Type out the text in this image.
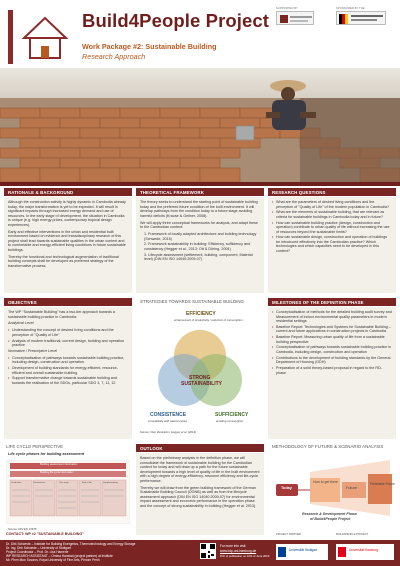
Build4People Project
Work Package #2: Sustainable Building
Research Approach
SUPPORTED BY	SPONSORED BY THE
RATIONALE & BACKGROUND

Although the construction activity is highly dynamic in Cambodia already today, the major transformation is yet to be expected. It will result in significant impacts through increased energy demand and use of resources. In the early stage of development, the situation in Cambodia is unique (e.g. high energy prices, contemporary tropical design experiences).

Early and effective interventions in the urban and residential built environment based on evidence and transdisciplinary research of this project shall lead towards sustainable qualities in the urban context and to comfortable and energy-efficient living conditions in future sustainable buildings.

Thereby the functional and technological augmentation of traditional building concepts shall be developed as preferred strategy of the transformative process.

THEORETICAL FRAMEWORK

The theory seeks to understand the starting point of sustainable building today and the preferred future condition of the built environment. It will develop pathways from the condition today to a future stage avoiding harmful deficits (Krause & Gellner, 2008).

We will apply three conceptual frameworks for analysis, and adapt these to the Cambodian context:

1. Framework of locally adapted architecture and building technology (Schwede, 2015)
2. Framework sustainability in building: Efficiency, sufficiency and consistency (Hegger et al., 2013; Ott & Döring, 2004)
3. Lifecycle assessment (settlement, building, component, Material level) (DIN EN ISO 14040:2009-07)
RESEARCH QUESTIONS
• What are the parameters of desired living conditions and the perception of "Quality of Life" of the modern population in Cambodia?
• What are the elements of sustainable building, that are relevant as criteria for sustainable buildings in Cambodia today and in future?
• How can sustainable building practice (design, construction and operation) contribute to urban quality of life without increasing the use of resources beyond the sustainable limits?
• How can sustainable design, construction and operation of buildings be introduced effectively into the Cambodian practice? Which technologies and which capacities need to be developed in this context?
OBJECTIVES

The WP "Sustainable Building" has a two-tier approach towards a sustainable building practice in Cambodia:

Analytical Level

• Understanding the concept of desired living conditions and the perception of "Quality of Life"
• Analysis of modern traditional, current design, building and operation practice

Normative / Prescriptive Level

• Conceptualisation of pathways towards sustainable building practice, including design, construction and operation.
• Development of building standards for energy-efficient, resource-efficient and overall sustainable building
• Support transformative change towards sustainable building and towards the realisation of the SDGs, particular SDG 3, 7, 11, 12
STRATEGIES TOWARDS SUSTAINABLE BUILDING
EFFICIENCY
enhancement of productivity / reduction of consumption
STRONG
SUSTAINABILITY
CONSISTENCE
compatibility with natural cycles
SUFFICIENCY
avoiding consumption
Source: Own illustration, Hegger et al. (2013)
MILESTONES OF THE DEFINITION PHASE
• Conceptualisation of methods for the detailed building audit survey and Measurement of indoor environmental quality parameters in modern residential settings
• Baseline Report: Technologies and Systems for Sustainable Building – current and future applications in construction projects in Cambodia
• Baseline Report: Measuring urban quality of life from a sustainable building perspective
• Conceptualisation of pathways towards sustainable building practice in Cambodia, including design, construction and operation
• Contributions to the development of building standards by the General Department of Housing (GDH)
• Preparation of a solid theory-based proposal in regard to the RD-phase
LIFE CYCLE PERSPECTIVE
Life cycle phases for building assessment
Building assessment information
Building life cycle information
Production	Construction	Use stage	End of life	Supplementary
Source: DIN EN 15978
OUTLOOK

Based on the preliminary analysis in the definition phase, we will consolidate the framework of sustainable building for the Cambodian context for today and will draw up a path for the future sustainable development towards a high level of quality of life in the built environment with a high degree of energy-efficiency, resource efficiency and life-cycle performance.

Thereby we will draw from the green building framework of the German Sustainable Building Council (DGNB) as well as from the lifecycle assessment approach (DIN EN ISO 14040:2009-07) for environmental impact assessment and economic performance in the operation phase and the concept of strong sustainability in building (Hegger et al. 2013).

METHODOLOGY OF FUTURE & SCENARIO ANALYSIS
Today
How to get there
Future
Preferable Future
Research & Development Phase
of Build4People Project
CONTACT: WP #2 "SUSTAINABLE BUILDING"
Dr. Dirk Schwede – Institute for Building Energetics, Thermotechnology and Energy Storage
Dr. Ing. Dirk Schwede – University of Stuttgart
Project Coordinator – Prof. Dr. Lisa Hamerle
WP RESEARCH ASSISTANT – Ornina Hanstad (project partner) at Institute
Mr. Phen Mon Sovann, Royal University of Fine Arts, Phnom Penh
For more info visit:
www.b4p.uni-hamburg.de
DOI of publication on 10th of June 2019
PROJECT PARTNER	BUILD4PEOPLE PROJECT
Universität Stuttgart	Universität Hamburg
